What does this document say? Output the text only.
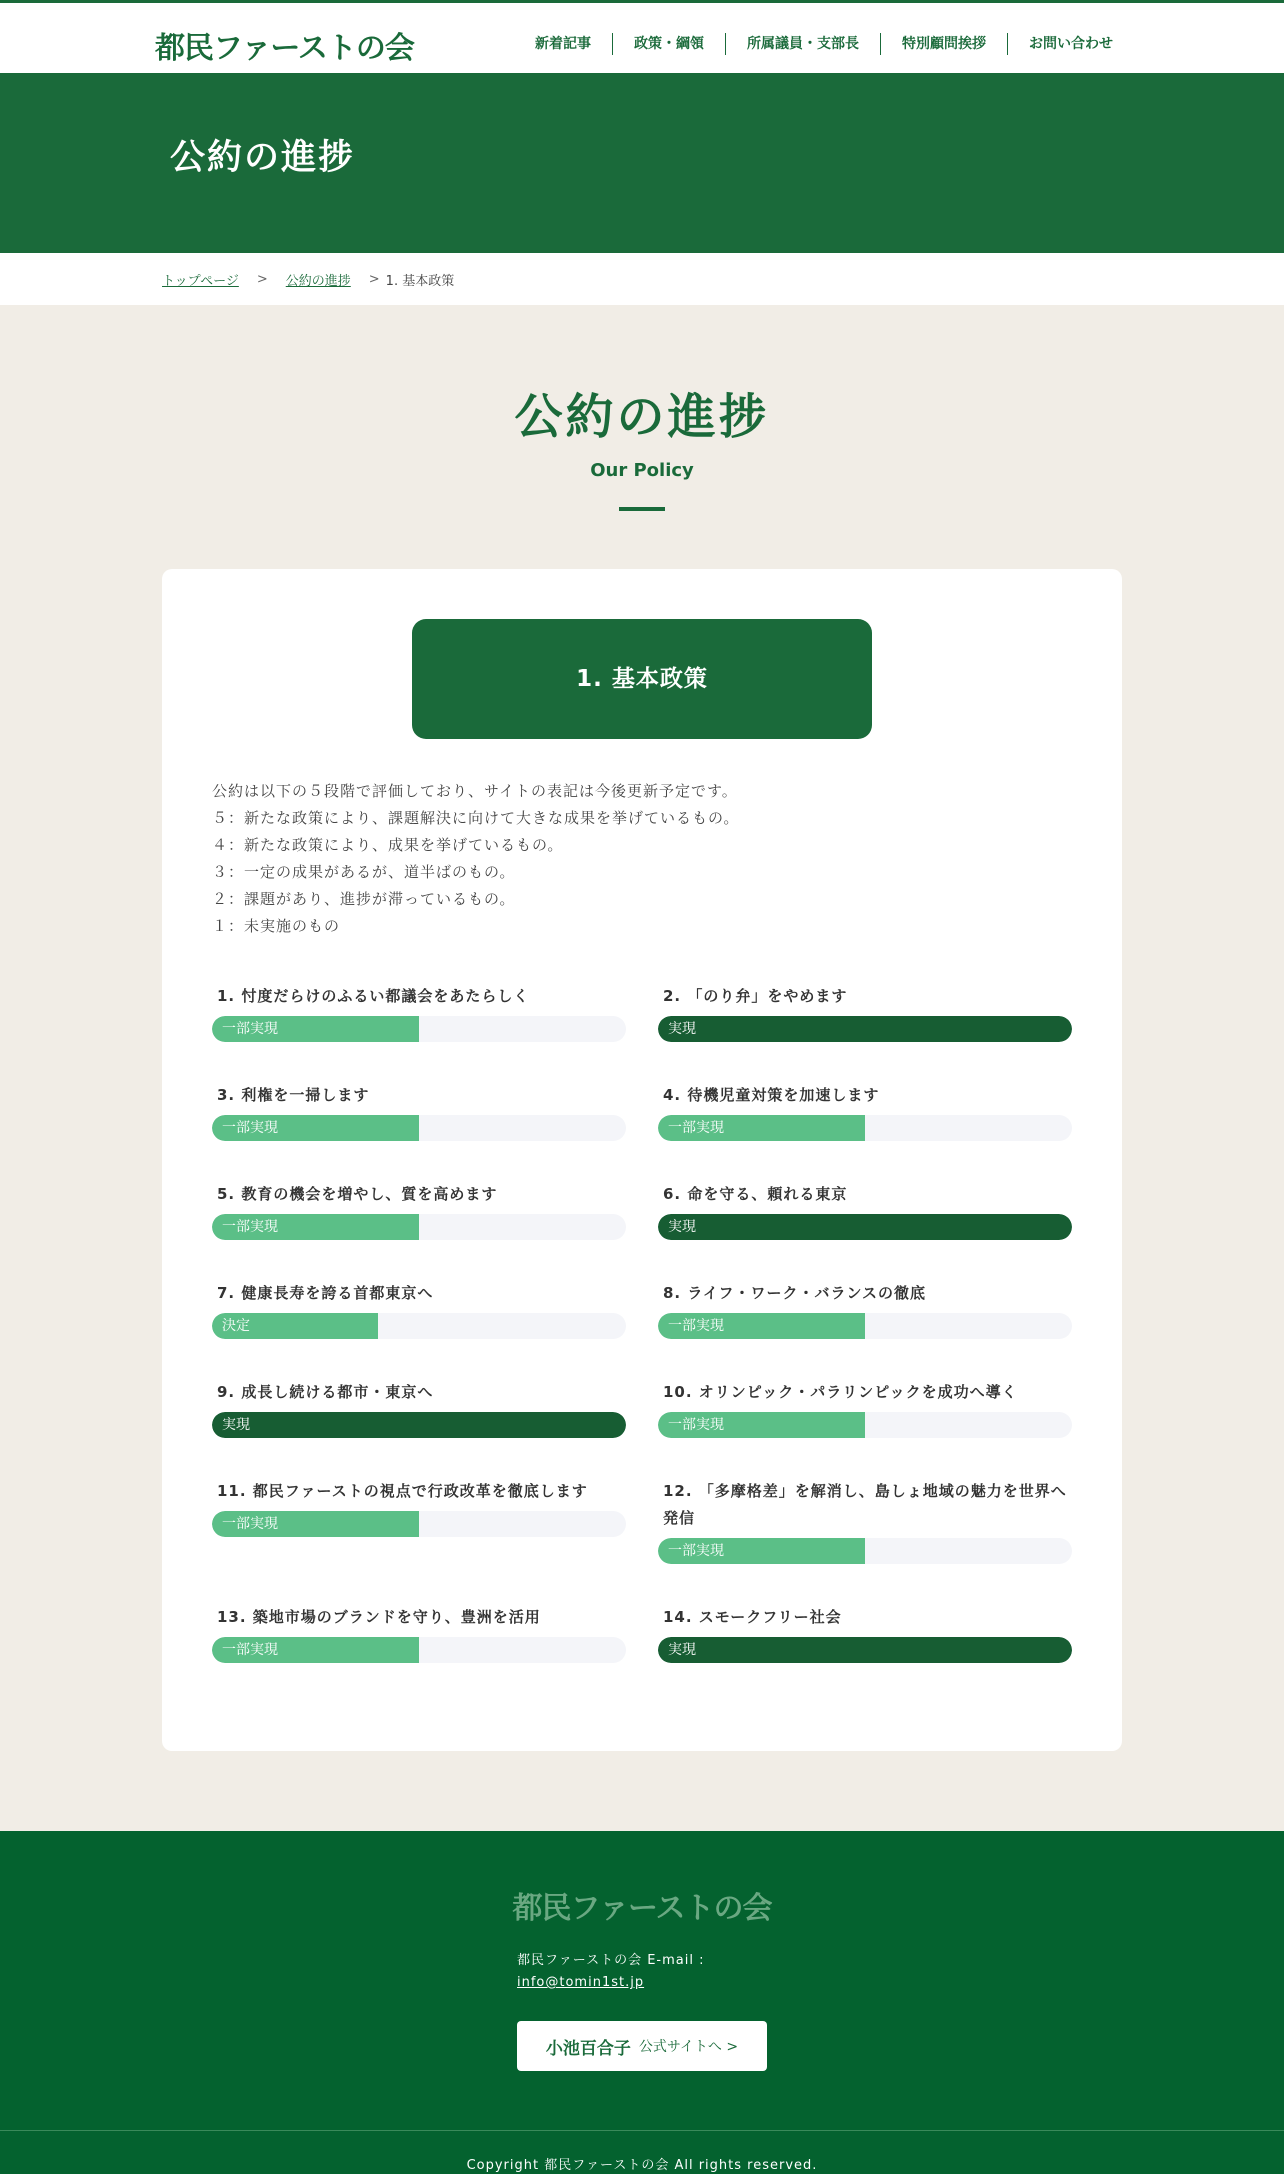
都民ファーストの会	新着記事	政策・綱領	所属議員・支部長	特別顧問挨拶	お問い合わせ
公約の進捗
トップページ > 公約の進捗 > 1. 基本政策
公約の進捗
Our Policy
1. 基本政策
公約は以下の５段階で評価しており、サイトの表記は今後更新予定です。
５：新たな政策により、課題解決に向けて大きな成果を挙げているもの。
４：新たな政策により、成果を挙げているもの。
３：一定の成果があるが、道半ばのもの。
２：課題があり、進捗が滞っているもの。
１：未実施のもの
1. 忖度だらけのふるい都議会をあたらしく
一部実現
2. 「のり弁」をやめます
実現
3. 利権を一掃します
一部実現
4. 待機児童対策を加速します
一部実現
5. 教育の機会を増やし、質を高めます
一部実現
6. 命を守る、頼れる東京
実現
7. 健康長寿を誇る首都東京へ
決定
8. ライフ・ワーク・バランスの徹底
一部実現
9. 成長し続ける都市・東京へ
実現
10. オリンピック・パラリンピックを成功へ導く
一部実現
11. 都民ファーストの視点で行政改革を徹底します
一部実現
12. 「多摩格差」を解消し、島しょ地域の魅力を世界へ発信
一部実現
13. 築地市場のブランドを守り、豊洲を活用
一部実現
14. スモークフリー社会
実現
都民ファーストの会
都民ファーストの会 E-mail :
info@tomin1st.jp
小池百合子 公式サイトへ >
Copyright 都民ファーストの会 All rights reserved.
